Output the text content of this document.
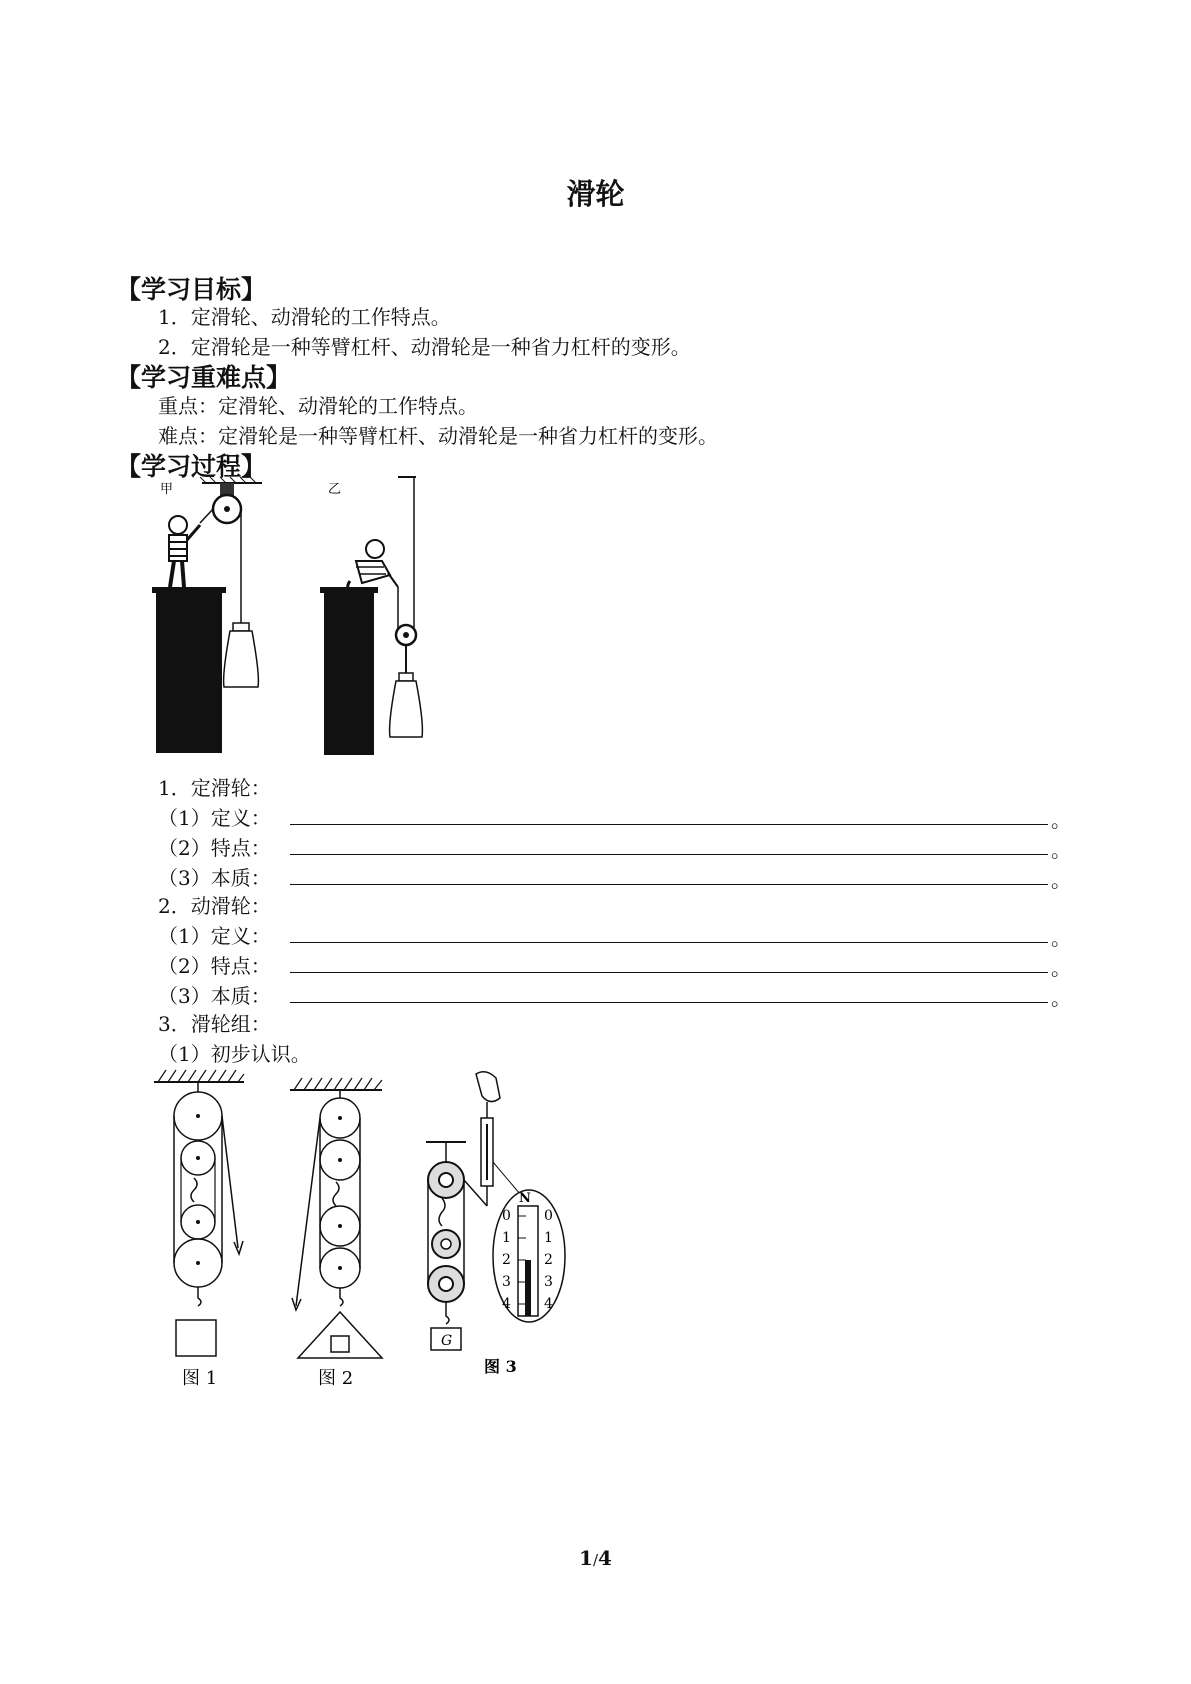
滑轮
【学习目标】
1．定滑轮、动滑轮的工作特点。
2．定滑轮是一种等臂杠杆、动滑轮是一种省力杠杆的变形。
【学习重难点】
重点：定滑轮、动滑轮的工作特点。
难点：定滑轮是一种等臂杠杆、动滑轮是一种省力杠杆的变形。
【学习过程】
甲	乙
1．定滑轮：
（1）定义：	。
（2）特点：	。
（3）本质：	。
2．动滑轮：
（1）定义：	。
（2）特点：	。
（3）本质：	。
3．滑轮组：
（1）初步认识。
图 1	图 2
G
N
0
1
2
3
4
0
1
2
3
4
图 3
1/4
